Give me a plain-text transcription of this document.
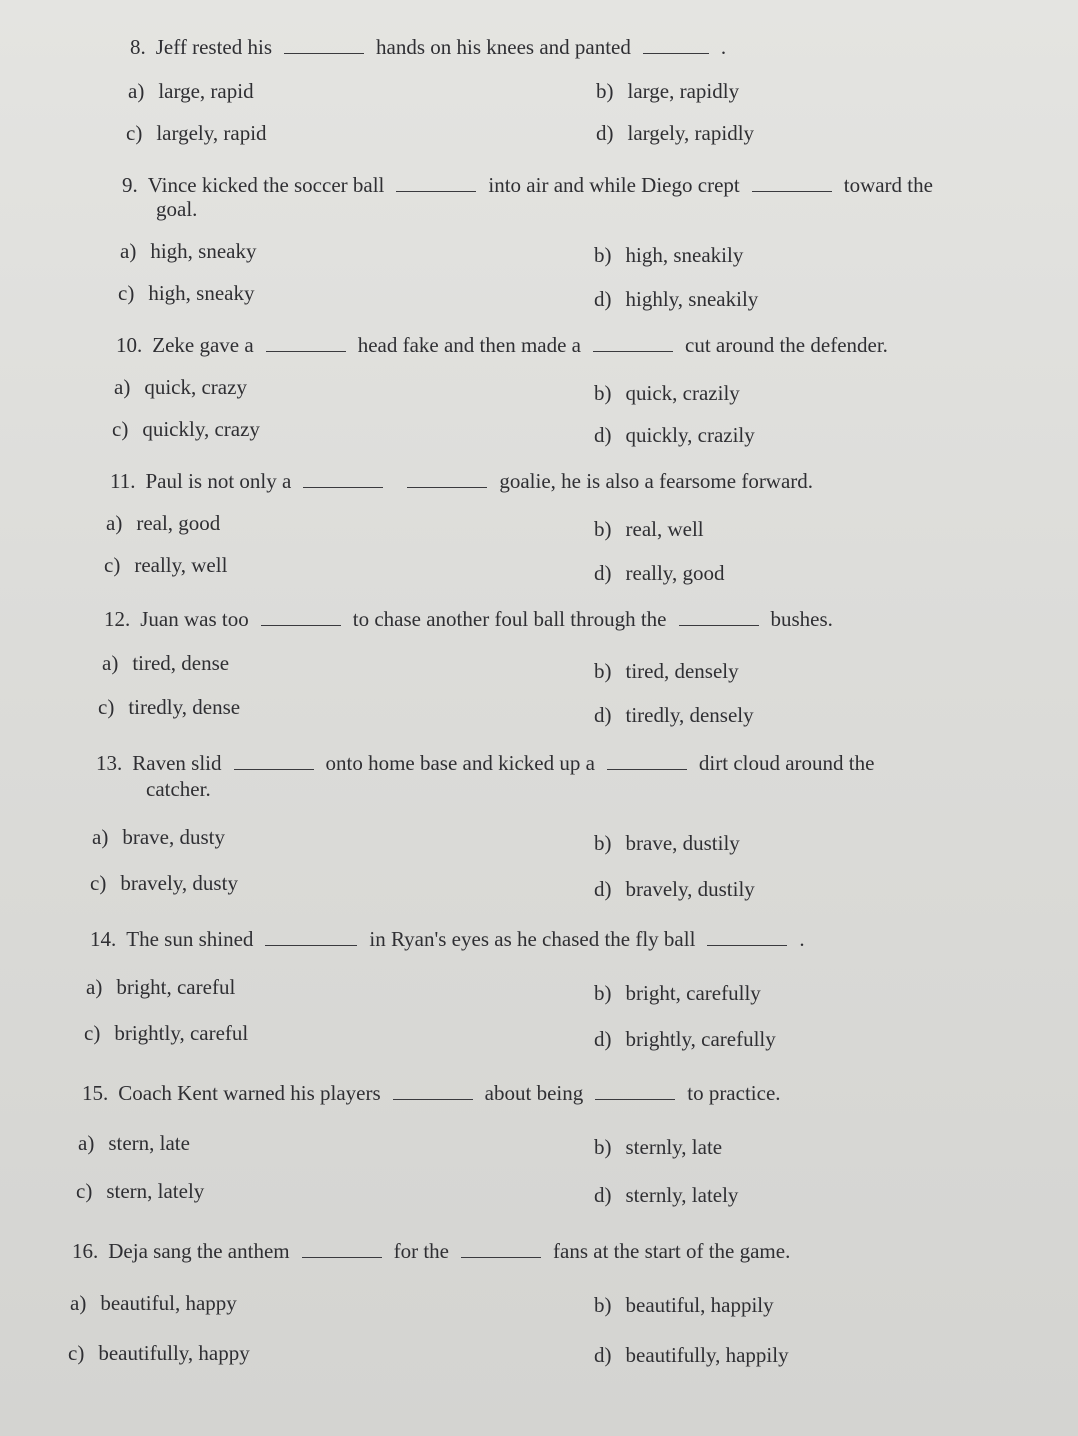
8. Jeff rested his	hands on his knees and panted	.
a) large, rapid	b) large, rapidly
c) largely, rapid	d) largely, rapidly
9. Vince kicked the soccer ball	into air and while Diego crept	toward the
goal.
a) high, sneaky	b) high, sneakily
c) high, sneaky	d) highly, sneakily
10. Zeke gave a	head fake and then made a	cut around the defender.
a) quick, crazy	b) quick, crazily
c) quickly, crazy	d) quickly, crazily
11. Paul is not only a	goalie, he is also a fearsome forward.
a) real, good	b) real, well
c) really, well	d) really, good
12. Juan was too	to chase another foul ball through the	bushes.
a) tired, dense	b) tired, densely
c) tiredly, dense	d) tiredly, densely
13. Raven slid	onto home base and kicked up a	dirt cloud around the
catcher.
a) brave, dusty	b) brave, dustily
c) bravely, dusty	d) bravely, dustily
14. The sun shined	in Ryan's eyes as he chased the fly ball	.
a) bright, careful	b) bright, carefully
c) brightly, careful	d) brightly, carefully
15. Coach Kent warned his players	about being	to practice.
a) stern, late	b) sternly, late
c) stern, lately	d) sternly, lately
16. Deja sang the anthem	for the	fans at the start of the game.
a) beautiful, happy	b) beautiful, happily
c) beautifully, happy	d) beautifully, happily
